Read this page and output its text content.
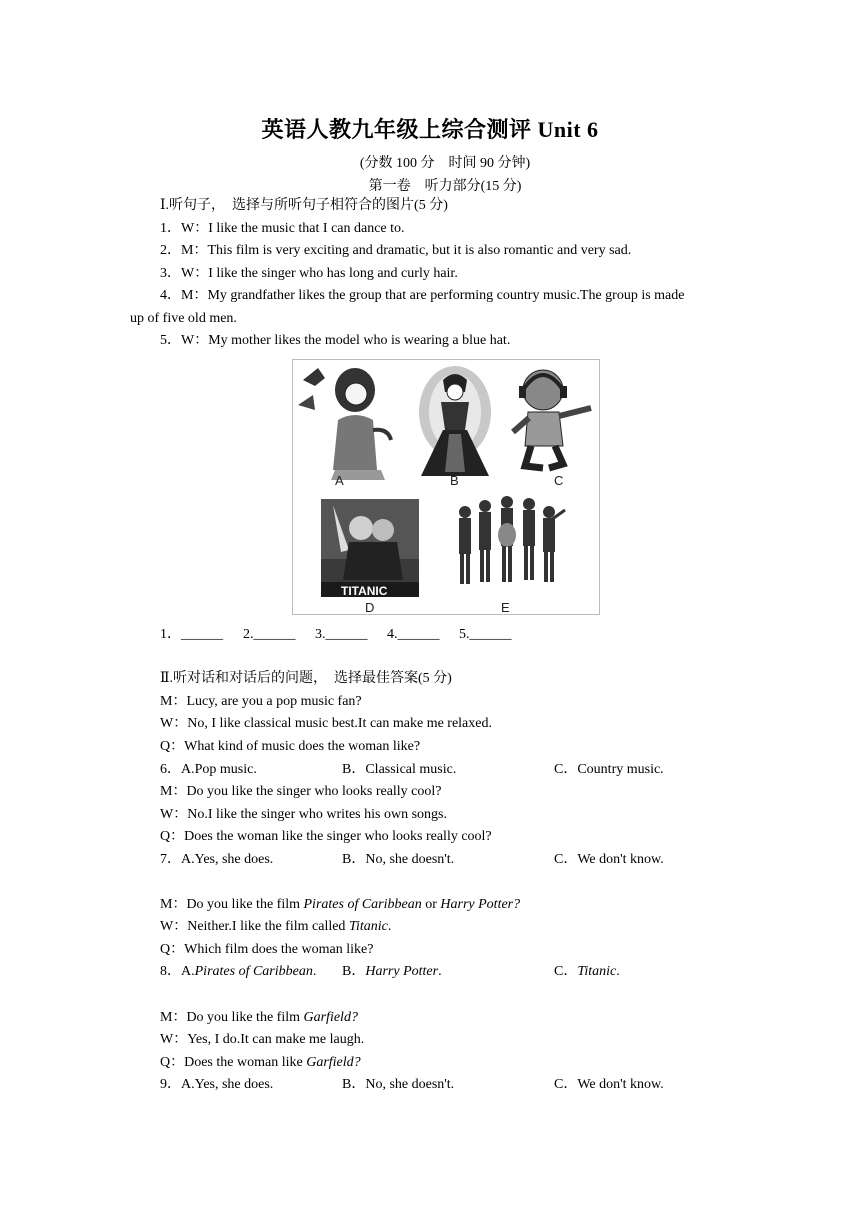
英语人教九年级上综合测评 Unit 6
(分数 100 分　时间 90 分钟)
第一卷　听力部分(15 分)
Ⅰ.听句子，　选择与所听句子相符合的图片(5 分)
1．W：I like the music that I can dance to.
2．M：This film is very exciting and dramatic, but it is also romantic and very sad.
3．W：I like the singer who has long and curly hair.
4．M：My grandfather likes the group that are performing country music.The group is made
up of five old men.
5．W：My mother likes the model who is wearing a blue hat.
A	B	C
TITANIC
D	E
1．______ 2.______ 3.______ 4.______ 5.______
Ⅱ.听对话和对话后的问题，　选择最佳答案(5 分)
M：Lucy, are you a pop music fan?
W：No, I like classical music best.It can make me relaxed.
Q：What kind of music does the woman like?
6．A.Pop music.	B．Classical music.	C．Country music.
M：Do you like the singer who looks really cool?
W：No.I like the singer who writes his own songs.
Q：Does the woman like the singer who looks really cool?
7．A.Yes, she does.	B．No, she doesn't.	C．We don't know.
M：Do you like the film Pirates of Caribbean or Harry Potter?
W：Neither.I like the film called Titanic.
Q：Which film does the woman like?
8．A.Pirates of Caribbean. B．Harry Potter.	C．Titanic.
M：Do you like the film Garfield?
W：Yes, I do.It can make me laugh.
Q：Does the woman like Garfield?
9．A.Yes, she does.	B．No, she doesn't.	C．We don't know.
